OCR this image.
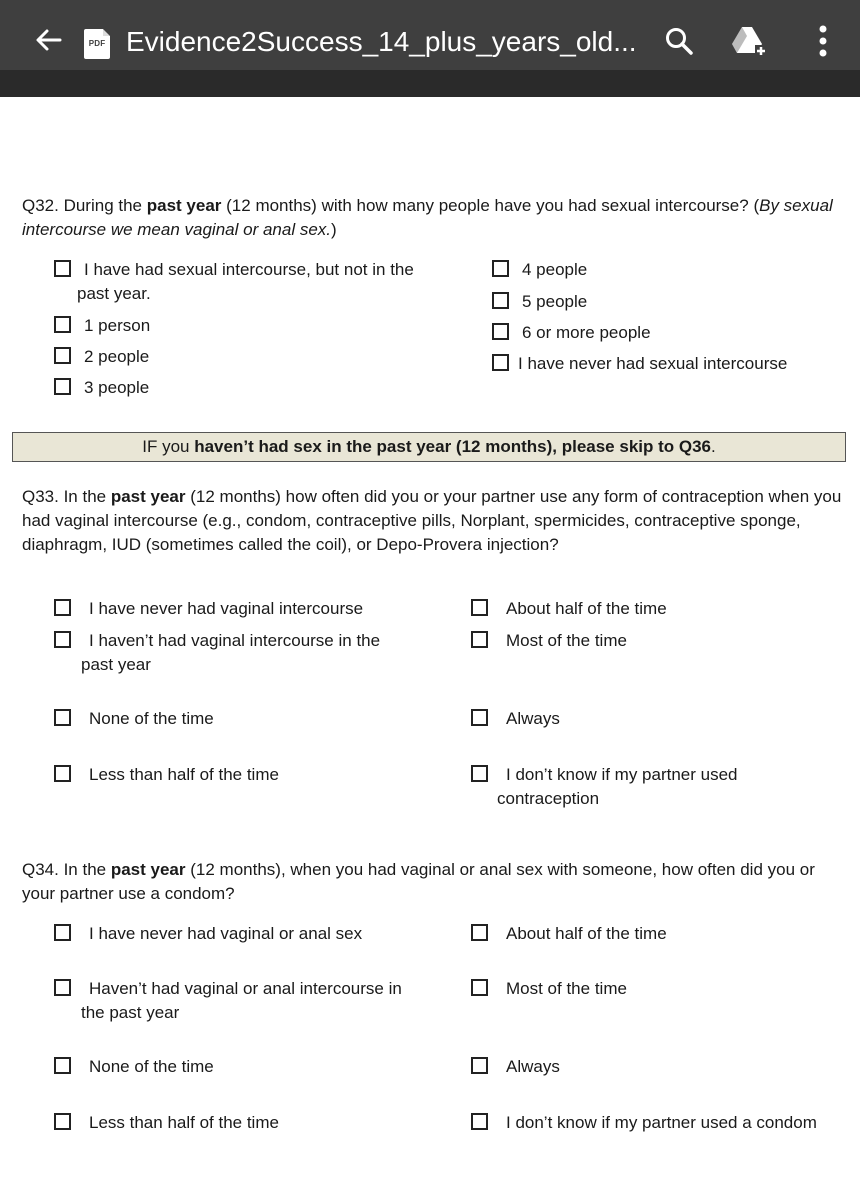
PDF Evidence2Success_14_plus_years_old...
Q32. During the past year (12 months) with how many people have you had sexual intercourse? (By sexual intercourse we mean vaginal or anal sex.)
I have had sexual intercourse, but not in the
past year.
1 person
2 people
3 people
4 people
5 people
6 or more people
I have never had sexual intercourse
IF you haven’t had sex in the past year (12 months), please skip to Q36.
Q33. In the past year (12 months) how often did you or your partner use any form of contraception when you had vaginal intercourse (e.g., condom, contraceptive pills, Norplant, spermicides, contraceptive sponge, diaphragm, IUD (sometimes called the coil), or Depo-Provera injection?
I have never had vaginal intercourse
I haven’t had vaginal intercourse in the
past year
None of the time
Less than half of the time
About half of the time
Most of the time
Always
I don’t know if my partner used
contraception
Q34. In the past year (12 months), when you had vaginal or anal sex with someone, how often did you or your partner use a condom?
I have never had vaginal or anal sex
Haven’t had vaginal or anal intercourse in
the past year
None of the time
Less than half of the time
About half of the time
Most of the time
Always
I don’t know if my partner used a condom
